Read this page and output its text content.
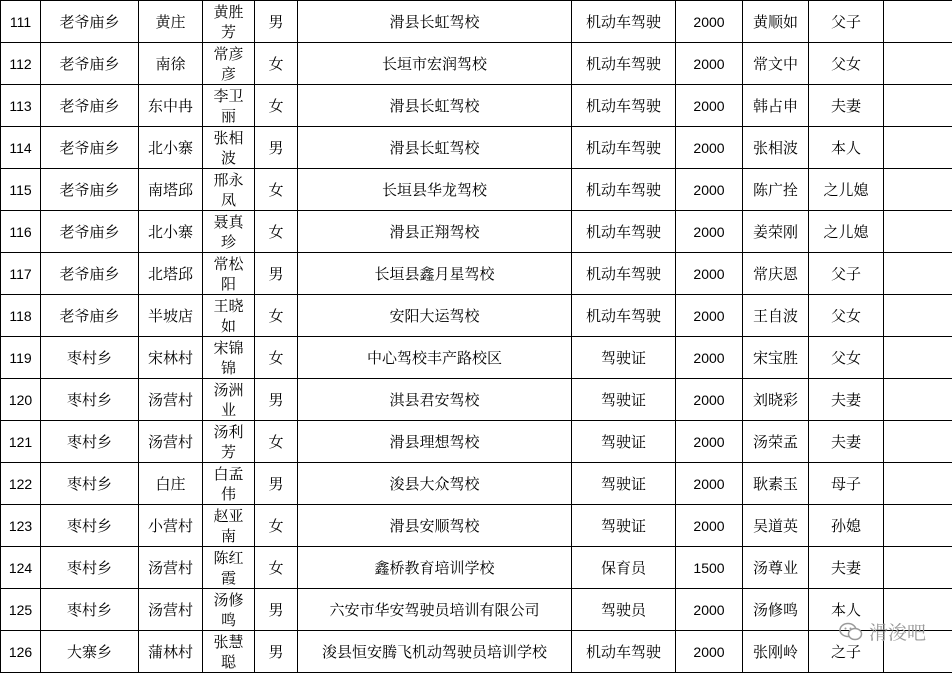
111	老爷庙乡	黄庄	黄胜芳	男	滑县长虹驾校	机动车驾驶	2000	黄顺如	父子	
112	老爷庙乡	南徐	常彦彦	女	长垣市宏润驾校	机动车驾驶	2000	常文中	父女	
113	老爷庙乡	东中冉	李卫丽	女	滑县长虹驾校	机动车驾驶	2000	韩占申	夫妻	
114	老爷庙乡	北小寨	张相波	男	滑县长虹驾校	机动车驾驶	2000	张相波	本人	
115	老爷庙乡	南塔邱	邢永凤	女	长垣县华龙驾校	机动车驾驶	2000	陈广拴	之儿媳	
116	老爷庙乡	北小寨	聂真珍	女	滑县正翔驾校	机动车驾驶	2000	姜荣刚	之儿媳	
117	老爷庙乡	北塔邱	常松阳	男	长垣县鑫月星驾校	机动车驾驶	2000	常庆恩	父子	
118	老爷庙乡	半坡店	王晓如	女	安阳大运驾校	机动车驾驶	2000	王自波	父女	
119	枣村乡	宋林村	宋锦锦	女	中心驾校丰产路校区	驾驶证	2000	宋宝胜	父女	
120	枣村乡	汤营村	汤洲业	男	淇县君安驾校	驾驶证	2000	刘晓彩	夫妻	
121	枣村乡	汤营村	汤利芳	女	滑县理想驾校	驾驶证	2000	汤荣孟	夫妻	
122	枣村乡	白庄	白孟伟	男	浚县大众驾校	驾驶证	2000	耿素玉	母子	
123	枣村乡	小营村	赵亚南	女	滑县安顺驾校	驾驶证	2000	吴道英	孙媳	
124	枣村乡	汤营村	陈红霞	女	鑫桥教育培训学校	保育员	1500	汤尊业	夫妻	
125	枣村乡	汤营村	汤修鸣	男	六安市华安驾驶员培训有限公司	驾驶员	2000	汤修鸣	本人	
126	大寨乡	蒲林村	张慧聪	男	浚县恒安腾飞机动驾驶员培训学校	机动车驾驶	2000	张刚岭	之子	
滑浚吧
